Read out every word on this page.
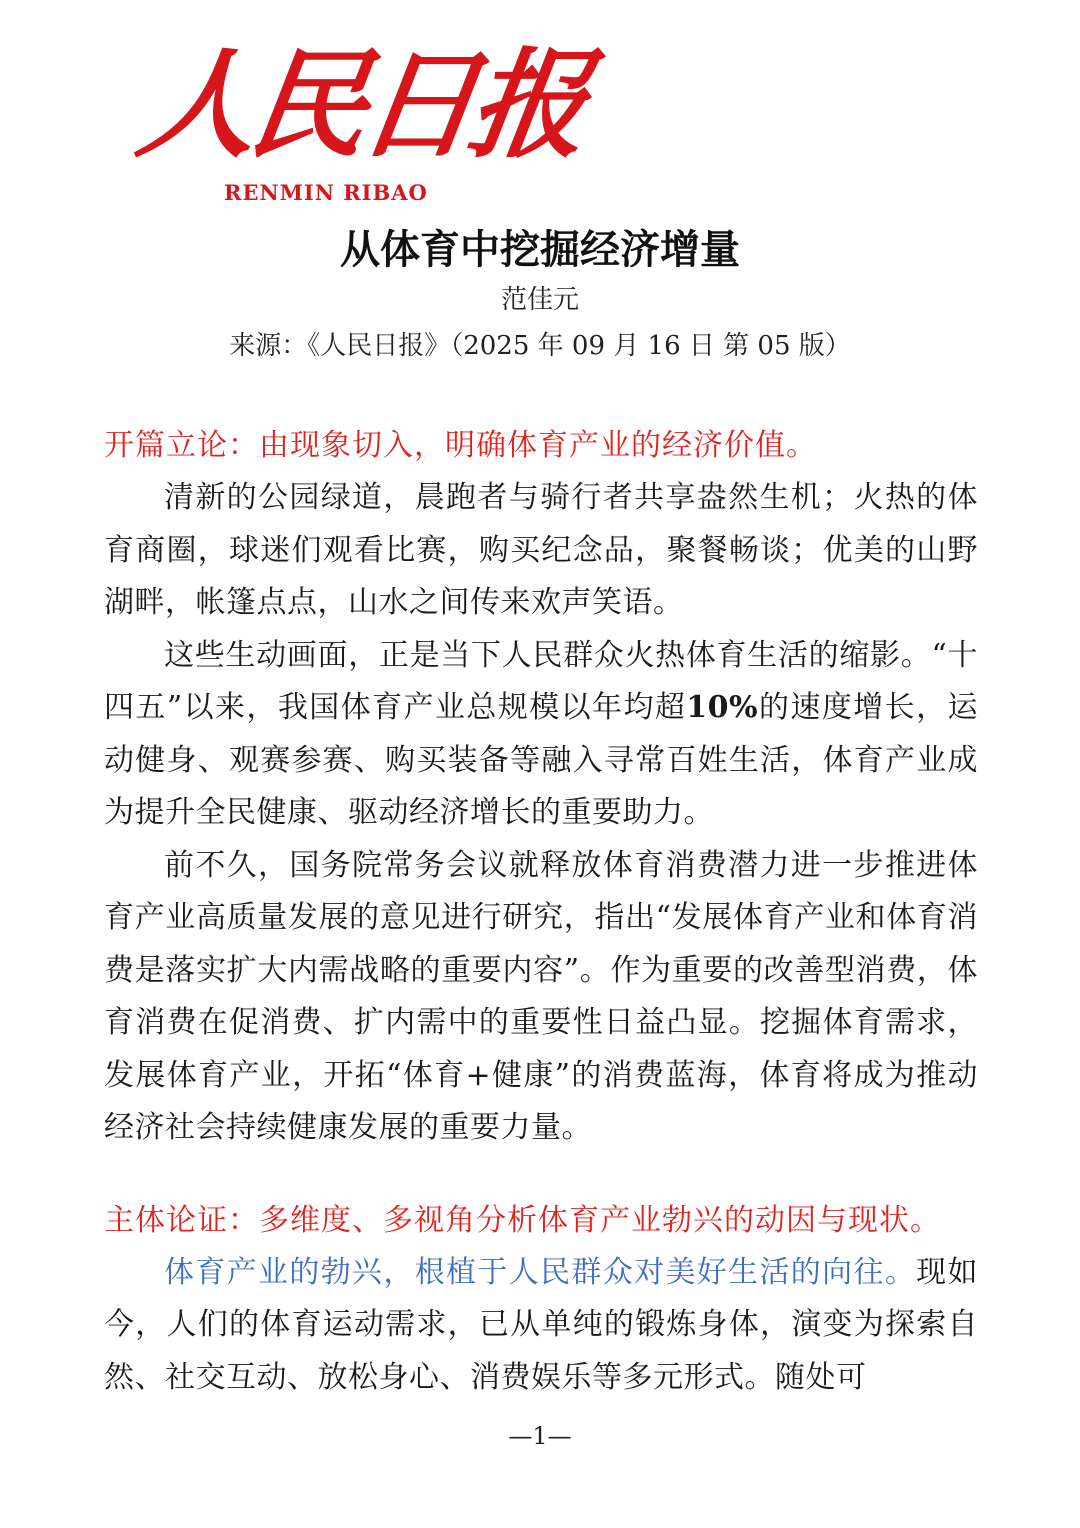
人民日报
RENMIN RIBAO
从体育中挖掘经济增量
范佳元
来源：《人民日报》（2025 年 09 月 16 日 第 05 版）

开篇立论：由现象切入，明确体育产业的经济价值。

清新的公园绿道，晨跑者与骑行者共享盎然生机；火热的体育商圈，球迷们观看比赛，购买纪念品，聚餐畅谈；优美的山野湖畔，帐篷点点，山水之间传来欢声笑语。

这些生动画面，正是当下人民群众火热体育生活的缩影。“十四五”以来，我国体育产业总规模以年均超10%的速度增长，运动健身、观赛参赛、购买装备等融入寻常百姓生活，体育产业成为提升全民健康、驱动经济增长的重要助力。

前不久，国务院常务会议就释放体育消费潜力进一步推进体育产业高质量发展的意见进行研究，指出“发展体育产业和体育消费是落实扩大内需战略的重要内容”。作为重要的改善型消费，体育消费在促消费、扩内需中的重要性日益凸显。挖掘体育需求，发展体育产业，开拓“体育+健康”的消费蓝海，体育将成为推动经济社会持续健康发展的重要力量。

主体论证：多维度、多视角分析体育产业勃兴的动因与现状。

体育产业的勃兴，根植于人民群众对美好生活的向往。现如今，人们的体育运动需求，已从单纯的锻炼身体，演变为探索自然、社交互动、放松身心、消费娱乐等多元形式。随处可

—1—
